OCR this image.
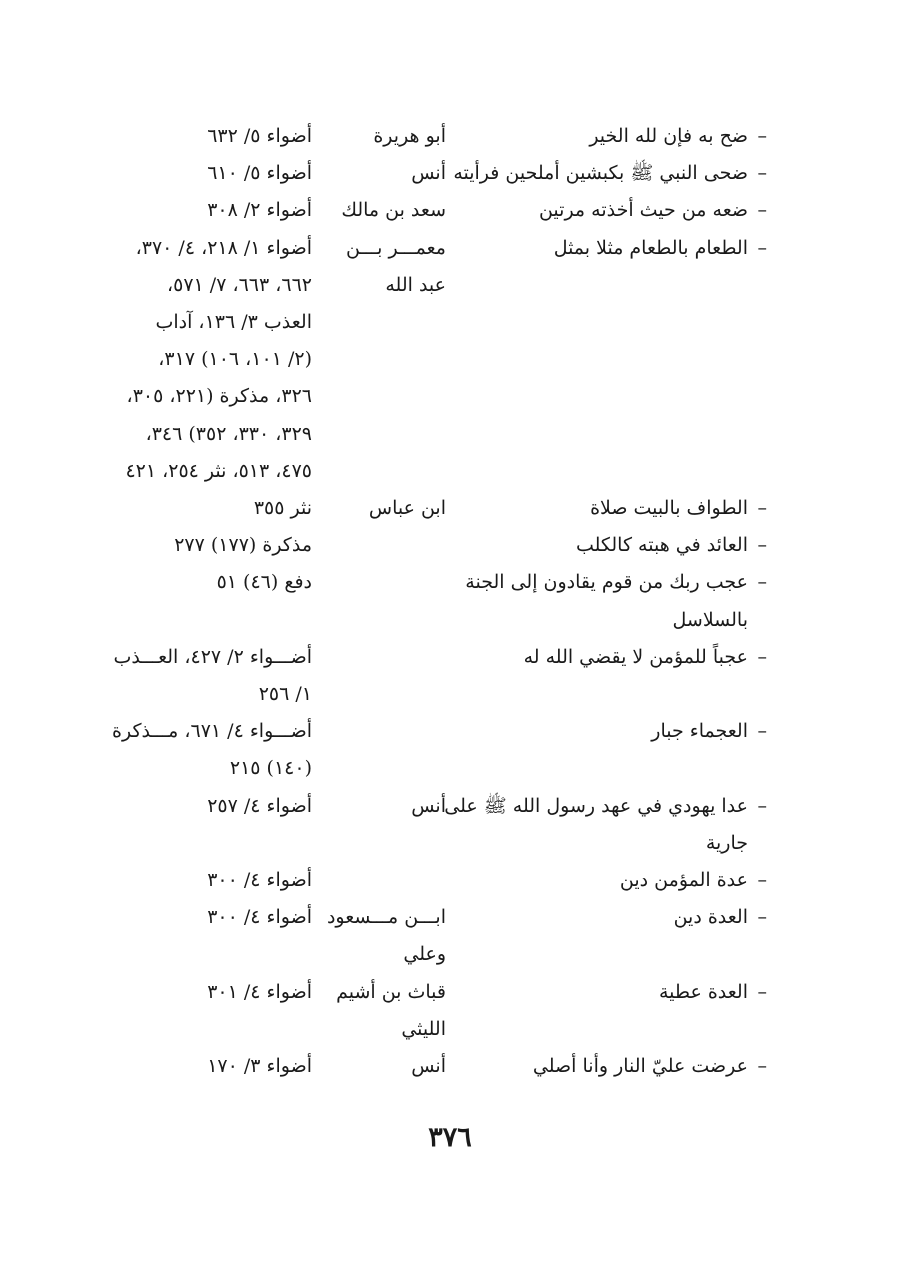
–
ضح به فإن لله الخير
أبو هريرة
أضواء ٥/ ٦٣٢
–
ضحى النبي ﷺ بكبشين أملحين فرأيته
أنس
أضواء ٥/ ٦١٠
–
ضعه من حيث أخذته مرتين
سعد بن مالك
أضواء ٢/ ٣٠٨
–
الطعام بالطعام مثلا بمثل
معمـــر بـــن
أضواء ١/ ٢١٨، ٤/ ٣٧٠،
عبد الله
٦٦٢، ٦٦٣، ٧/ ٥٧١،
العذب ٣/ ١٣٦، آداب
(٢/ ١٠١، ١٠٦) ٣١٧،
٣٢٦، مذكرة (٢٢١، ٣٠٥،
٣٢٩، ٣٣٠، ٣٥٢) ٣٤٦،
٤٧٥، ٥١٣، نثر ٢٥٤، ٤٢١
–
الطواف بالبيت صلاة
ابن عباس
نثر ٣٥٥
–
العائد في هبته كالكلب
مذكرة (١٧٧) ٢٧٧
–
عجب ربك من قوم يقادون إلى الجنة
دفع (٤٦) ٥١
بالسلاسل
–
عجباً للمؤمن لا يقضي الله له
أضـــواء ٢/ ٤٢٧، العـــذب
١/ ٢٥٦
–
العجماء جبار
أضـــواء ٤/ ٦٧١، مـــذكرة
(١٤٠) ٢١٥
–
عدا يهودي في عهد رسول الله ﷺ على
أنس
أضواء ٤/ ٢٥٧
جارية
–
عدة المؤمن دين
أضواء ٤/ ٣٠٠
–
العدة دين
ابـــن مـــسعود
أضواء ٤/ ٣٠٠
وعلي
–
العدة عطية
قباث بن أشيم
أضواء ٤/ ٣٠١
الليثي
–
عرضت عليّ النار وأنا أصلي
أنس
أضواء ٣/ ١٧٠
٣٧٦
